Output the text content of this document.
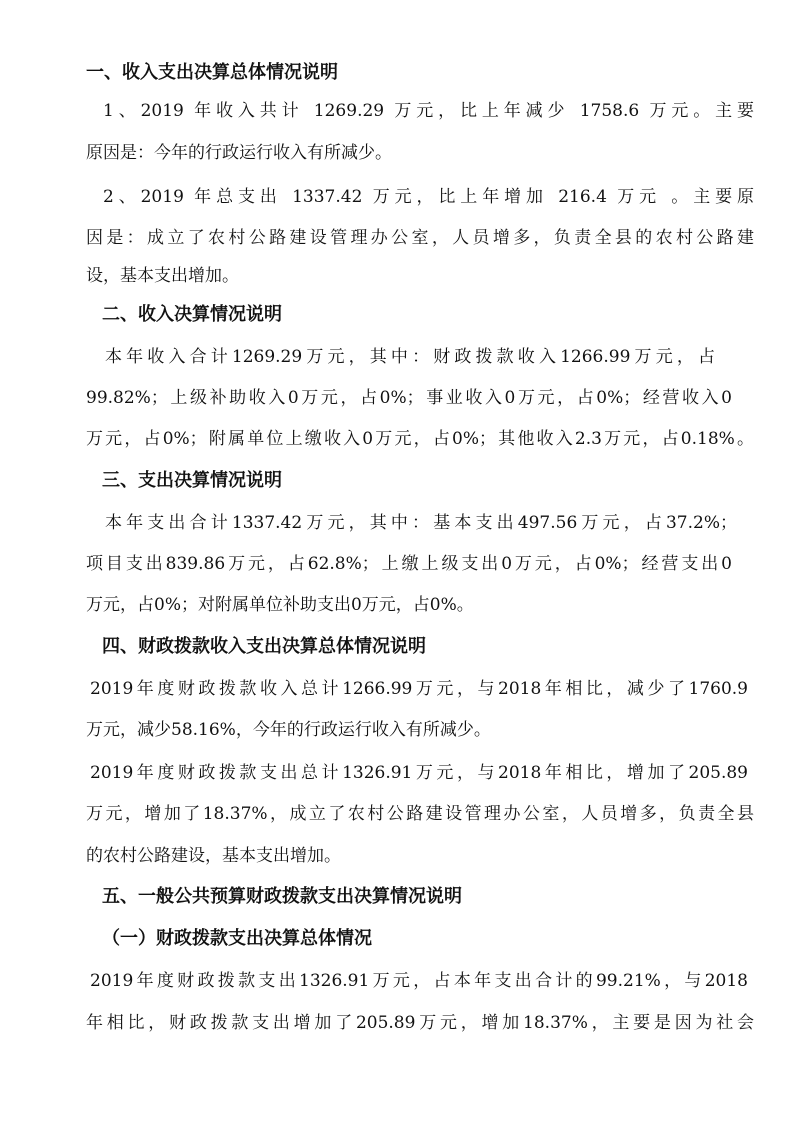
一、收入支出决算总体情况说明
1、2019 年收入共计 1269.29 万元，比上年减少 1758.6 万元。主要
原因是：今年的行政运行收入有所减少。
2、2019 年总支出 1337.42 万元，比上年增加 216.4 万元 。主要原
因是：成立了农村公路建设管理办公室，人员增多，负责全县的农村公路建
设，基本支出增加。
二、收入决算情况说明
本年收入合计1269.29万元，其中：财政拨款收入1266.99万元，占
99.82%；上级补助收入0万元，占0%；事业收入0万元，占0%；经营收入0
万元，占0%；附属单位上缴收入0万元，占0%；其他收入2.3万元，占0.18%。
三、支出决算情况说明
本年支出合计1337.42万元，其中：基本支出497.56万元，占37.2%；
项目支出839.86万元，占62.8%；上缴上级支出0万元，占0%；经营支出0
万元，占0%；对附属单位补助支出0万元，占0%。
四、财政拨款收入支出决算总体情况说明
2019年度财政拨款收入总计1266.99万元，与2018年相比，减少了1760.9
万元，减少58.16%，今年的行政运行收入有所减少。
2019年度财政拨款支出总计1326.91万元，与2018年相比，增加了205.89
万元，增加了18.37%，成立了农村公路建设管理办公室，人员增多，负责全县
的农村公路建设，基本支出增加。
五、一般公共预算财政拨款支出决算情况说明
（一）财政拨款支出决算总体情况
2019年度财政拨款支出1326.91万元，占本年支出合计的99.21%，与2018
年相比，财政拨款支出增加了205.89万元，增加18.37%，主要是因为社会
